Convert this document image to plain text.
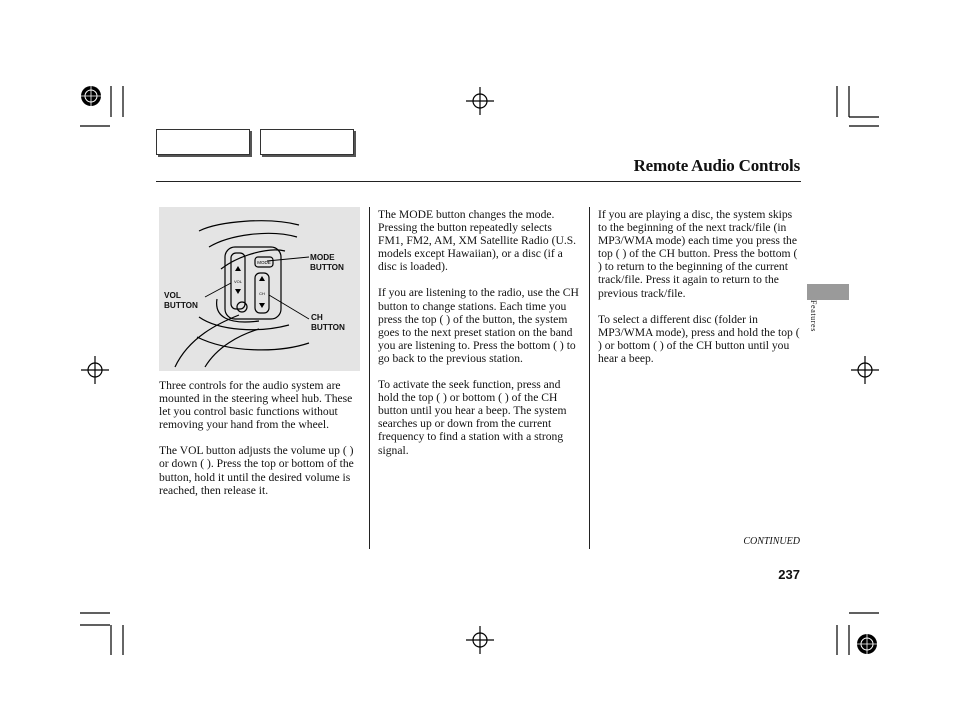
Remote Audio Controls
MODE
VOL
CH
MODE
BUTTON
VOL
BUTTON
CH
BUTTON

Three controls for the audio system are mounted in the steering wheel hub. These let you control basic functions without removing your hand from the wheel.

The VOL button adjusts the volume up ( ) or down ( ). Press the top or bottom of the button, hold it until the desired volume is reached, then release it.

The MODE button changes the mode. Pressing the button repeatedly selects FM1, FM2, AM, XM Satellite Radio (U.S. models except Hawaiian), or a disc (if a disc is loaded).

If you are listening to the radio, use the CH button to change stations. Each time you press the top ( ) of the button, the system goes to the next preset station on the band you are listening to. Press the bottom ( ) to go back to the previous station.

To activate the seek function, press and hold the top ( ) or bottom ( ) of the CH button until you hear a beep. The system searches up or down from the current frequency to find a station with a strong signal.

If you are playing a disc, the system skips to the beginning of the next track/file (in MP3/WMA mode) each time you press the top ( ) of the CH button. Press the bottom ( ) to return to the beginning of the current track/file. Press it again to return to the previous track/file.

To select a different disc (folder in MP3/WMA mode), press and hold the top ( ) or bottom ( ) of the CH button until you hear a beep.

Features
CONTINUED
237
